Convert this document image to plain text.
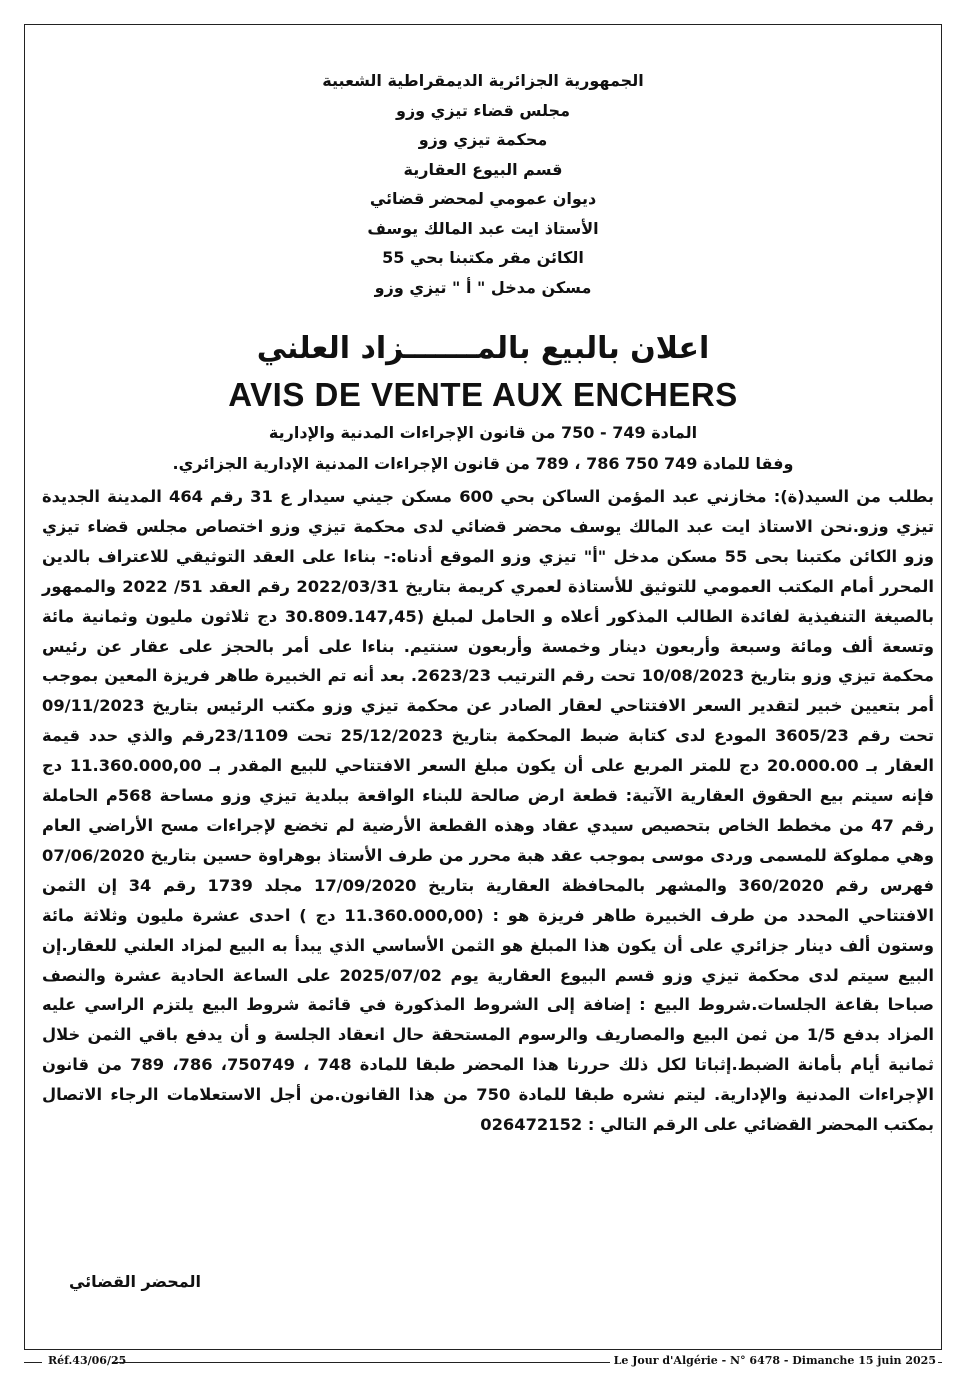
الجمهورية الجزائرية الديمقراطية الشعبية
مجلس قضاء تيزي وزو
محكمة تيزي وزو
قسم البيوع العقارية
ديوان عمومي لمحضر قضائي
الأستاذ ايت عبد المالك يوسف
الكائن مقر مكتبنا بحي 55
مسكن مدخل " أ " تيزي وزو
اعلان بالبيع بالمـــــــزاد العلني
AVIS DE VENTE AUX ENCHERS
المادة 749 - 750 من قانون الإجراءات المدنية والإدارية
وفقا للمادة 749 750 786 ، 789 من قانون الإجراءات المدنية الإدارية الجزائري.
بطلب من السيد(ة): مخازني عبد المؤمن الساكن بحي 600 مسكن جيني سيدار ع 31 رقم 464 المدينة الجديدة تيزي وزو.نحن الاستاذ ايت عبد المالك يوسف محضر قضائي لدى محكمة تيزي وزو اختصاص مجلس قضاء تيزي وزو الكائن مكتبنا بحى 55 مسكن مدخل "أ" تيزي وزو الموقع أدناه:- بناءا على العقد التوثيقي للاعتراف بالدين المحرر أمام المكتب العمومي للتوثيق للأستاذة لعمري كريمة بتاريخ 2022/03/31 رقم العقد 51/ 2022 والممهور بالصيغة التنفيذية لفائدة الطالب المذكور أعلاه و الحامل لمبلغ (30.809.147,45 دج ثلاثون مليون وثمانية مائة وتسعة ألف ومائة وسبعة وأربعون دينار وخمسة وأربعون سنتيم. بناءا على أمر بالحجز على عقار عن رئيس محكمة تيزي وزو بتاريخ 10/08/2023 تحت رقم الترتيب 2623/23. بعد أنه تم الخبيرة طاهر فريزة المعين بموجب أمر بتعيين خبير لتقدير السعر الافتتاحي لعقار الصادر عن محكمة تيزي وزو مكتب الرئيس بتاريخ 09/11/2023 تحت رقم 3605/23 المودع لدى كتابة ضبط المحكمة بتاريخ 25/12/2023 تحت 23/1109رقم والذي حدد قيمة العقار بـ 20.000.00 دج للمتر المربع على أن يكون مبلغ السعر الافتتاحي للبيع المقدر بـ 11.360.000,00 دج فإنه سيتم بيع الحقوق العقارية الآتية: قطعة ارض صالحة للبناء الواقعة ببلدية تيزي وزو مساحة 568م الحاملة رقم 47 من مخطط الخاص بتحصيص سيدي عقاد وهذه القطعة الأرضية لم تخضع لإجراءات مسح الأراضي العام وهي مملوكة للمسمى وردى موسى بموجب عقد هبة محرر من طرف الأستاذ بوهراوة حسين بتاريخ 07/06/2020 فهرس رقم 360/2020 والمشهر بالمحافظة العقارية بتاريخ 17/09/2020 مجلد 1739 رقم 34 إن الثمن الافتتاحي المحدد من طرف الخبيرة طاهر فريزة هو : (11.360.000,00 دج ) احدى عشرة مليون وثلاثة مائة وستون ألف دينار جزائري على أن يكون هذا المبلغ هو الثمن الأساسي الذي يبدأ به البيع لمزاد العلني للعقار.إن البيع سيتم لدى محكمة تيزي وزو قسم البيوع العقارية يوم 2025/07/02 على الساعة الحادية عشرة والنصف صباحا بقاعة الجلسات.شروط البيع : إضافة إلى الشروط المذكورة في قائمة شروط البيع يلتزم الراسي عليه المزاد بدفع 1/5 من ثمن البيع والمصاريف والرسوم المستحقة حال انعقاد الجلسة و أن يدفع باقي الثمن خلال ثمانية أيام بأمانة الضبط.إثباتا لكل ذلك حررنا هذا المحضر طبقا للمادة 748 ، 750749، 786، 789 من قانون الإجراءات المدنية والإدارية. ليتم نشره طبقا للمادة 750 من هذا القانون.من أجل الاستعلامات الرجاء الاتصال بمكتب المحضر القضائي على الرقم التالي : 026472152
المحضر القضائي
Réf.43/06/25	Le Jour d'Algérie - N° 6478 - Dimanche 15 juin 2025
